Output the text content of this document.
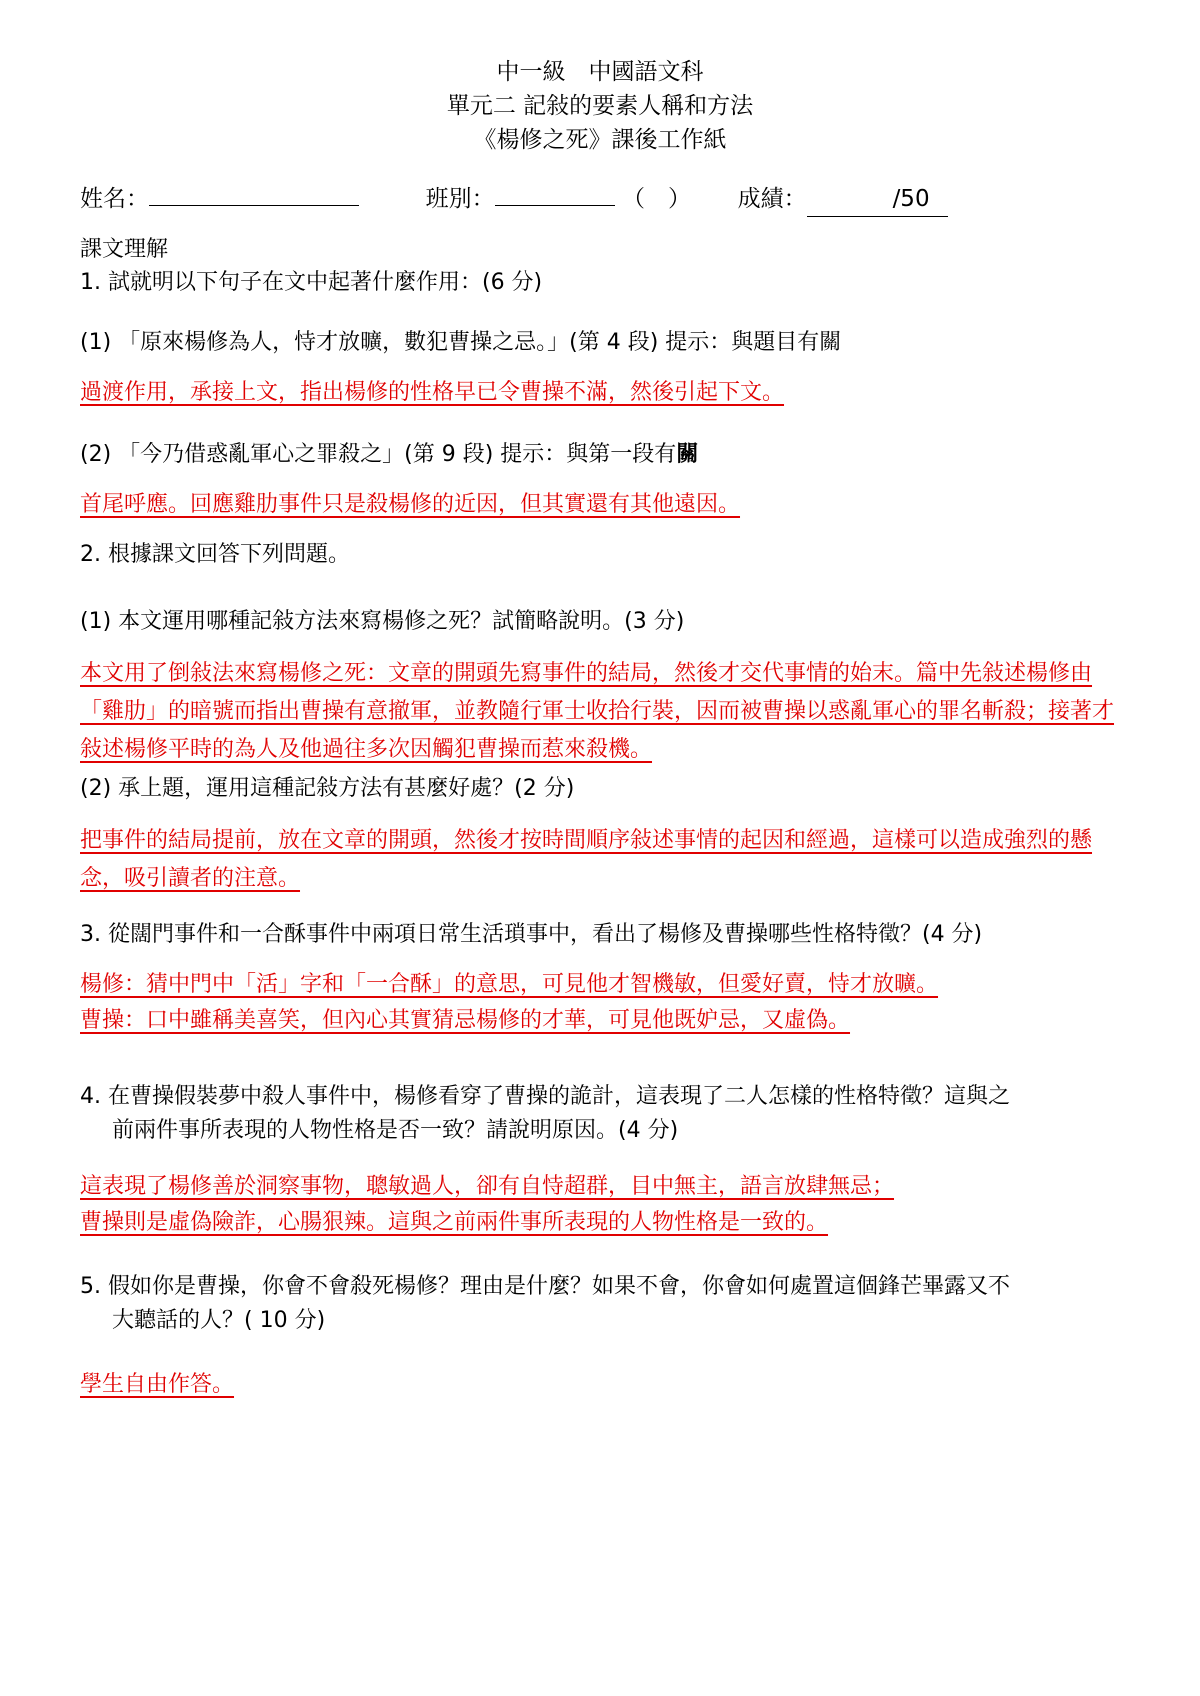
中一級　中國語文科
單元二 記敍的要素人稱和方法
《楊修之死》課後工作紙
姓名：	班別：	（　） 成績：	/50
課文理解
1. 試就明以下句子在文中起著什麼作用：(6 分)
(1) 「原來楊修為人，恃才放曠，數犯曹操之忌。」(第 4 段) 提示：與題目有關
過渡作用，承接上文，指出楊修的性格早已令曹操不滿，然後引起下文。
(2) 「今乃借惑亂軍心之罪殺之」(第 9 段) 提示：與第一段有關
首尾呼應。回應雞肋事件只是殺楊修的近因，但其實還有其他遠因。
2. 根據課文回答下列問題。
(1) 本文運用哪種記敍方法來寫楊修之死？試簡略說明。(3 分)
本文用了倒敍法來寫楊修之死：文章的開頭先寫事件的結局，然後才交代事情的始末。篇中先敍述楊修由「雞肋」的暗號而指出曹操有意撤軍，並教隨行軍士收拾行裝，因而被曹操以惑亂軍心的罪名斬殺；接著才敍述楊修平時的為人及他過往多次因觸犯曹操而惹來殺機。
(2) 承上題，運用這種記敍方法有甚麼好處？(2 分)
把事件的結局提前，放在文章的開頭，然後才按時間順序敍述事情的起因和經過，這樣可以造成強烈的懸念，吸引讀者的注意。
3. 從闊門事件和一合酥事件中兩項日常生活瑣事中，看出了楊修及曹操哪些性格特徵？(4 分)
楊修：猜中門中「活」字和「一合酥」的意思，可見他才智機敏，但愛好賣，恃才放曠。
曹操：口中雖稱美喜笑，但內心其實猜忌楊修的才華，可見他既妒忌，又虛偽。
4. 在曹操假裝夢中殺人事件中，楊修看穿了曹操的詭計，這表現了二人怎樣的性格特徵？這與之
前兩件事所表現的人物性格是否一致？請說明原因。(4 分)
這表現了楊修善於洞察事物，聰敏過人，卻有自恃超群，目中無主，語言放肆無忌；
曹操則是虛偽險詐，心腸狠辣。這與之前兩件事所表現的人物性格是一致的。
5. 假如你是曹操，你會不會殺死楊修？理由是什麼？如果不會，你會如何處置這個鋒芒畢露又不
大聽話的人？( 10 分)
學生自由作答。
